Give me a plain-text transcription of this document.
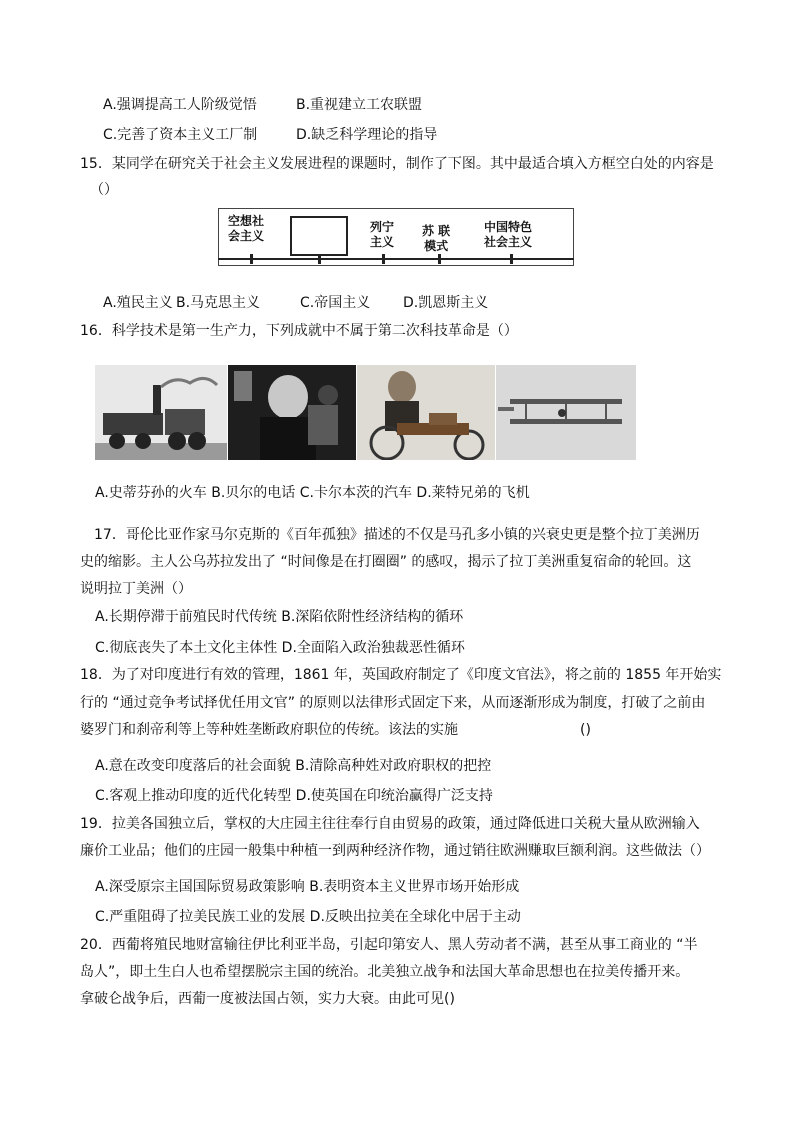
A.强调提高工人阶级觉悟	B.重视建立工农联盟
C.完善了资本主义工厂制	D.缺乏科学理论的指导
15．某同学在研究关于社会主义发展进程的课题时，制作了下图。其中最适合填入方框空白处的内容是
（）
空想社
会主义
列宁
主义
苏 联
模式
中国特色
社会主义
A.殖民主义 B.马克思主义	C.帝国主义 D.凯恩斯主义
16．科学技术是第一生产力，下列成就中不属于第二次科技革命是（）
A.史蒂芬孙的火车 B.贝尔的电话 C.卡尔本茨的汽车 D.莱特兄弟的飞机
17．哥伦比亚作家马尔克斯的《百年孤独》描述的不仅是马孔多小镇的兴衰史更是整个拉丁美洲历
史的缩影。主人公乌苏拉发出了 “时间像是在打圈圈” 的感叹，揭示了拉丁美洲重复宿命的轮回。这
说明拉丁美洲（）
A.长期停滞于前殖民时代传统 B.深陷依附性经济结构的循环
C.彻底丧失了本土文化主体性 D.全面陷入政治独裁恶性循环
18．为了对印度进行有效的管理，1861 年，英国政府制定了《印度文官法》，将之前的 1855 年开始实
行的 “通过竞争考试择优任用文官” 的原则以法律形式固定下来，从而逐渐形成为制度，打破了之前由
婆罗门和刹帝利等上等种姓垄断政府职位的传统。该法的实施	()
A.意在改变印度落后的社会面貌 B.清除高种姓对政府职权的把控
C.客观上推动印度的近代化转型 D.使英国在印统治赢得广泛支持
19．拉美各国独立后，掌权的大庄园主往往奉行自由贸易的政策，通过降低进口关税大量从欧洲输入
廉价工业品；他们的庄园一般集中种植一到两种经济作物，通过销往欧洲赚取巨额利润。这些做法（）
A.深受原宗主国国际贸易政策影响 B.表明资本主义世界市场开始形成
C.严重阻碍了拉美民族工业的发展 D.反映出拉美在全球化中居于主动
20．西葡将殖民地财富输往伊比利亚半岛，引起印第安人、黑人劳动者不满，甚至从事工商业的 “半
岛人”，即土生白人也希望摆脱宗主国的统治。北美独立战争和法国大革命思想也在拉美传播开来。
拿破仑战争后，西葡一度被法国占领，实力大衰。由此可见()
